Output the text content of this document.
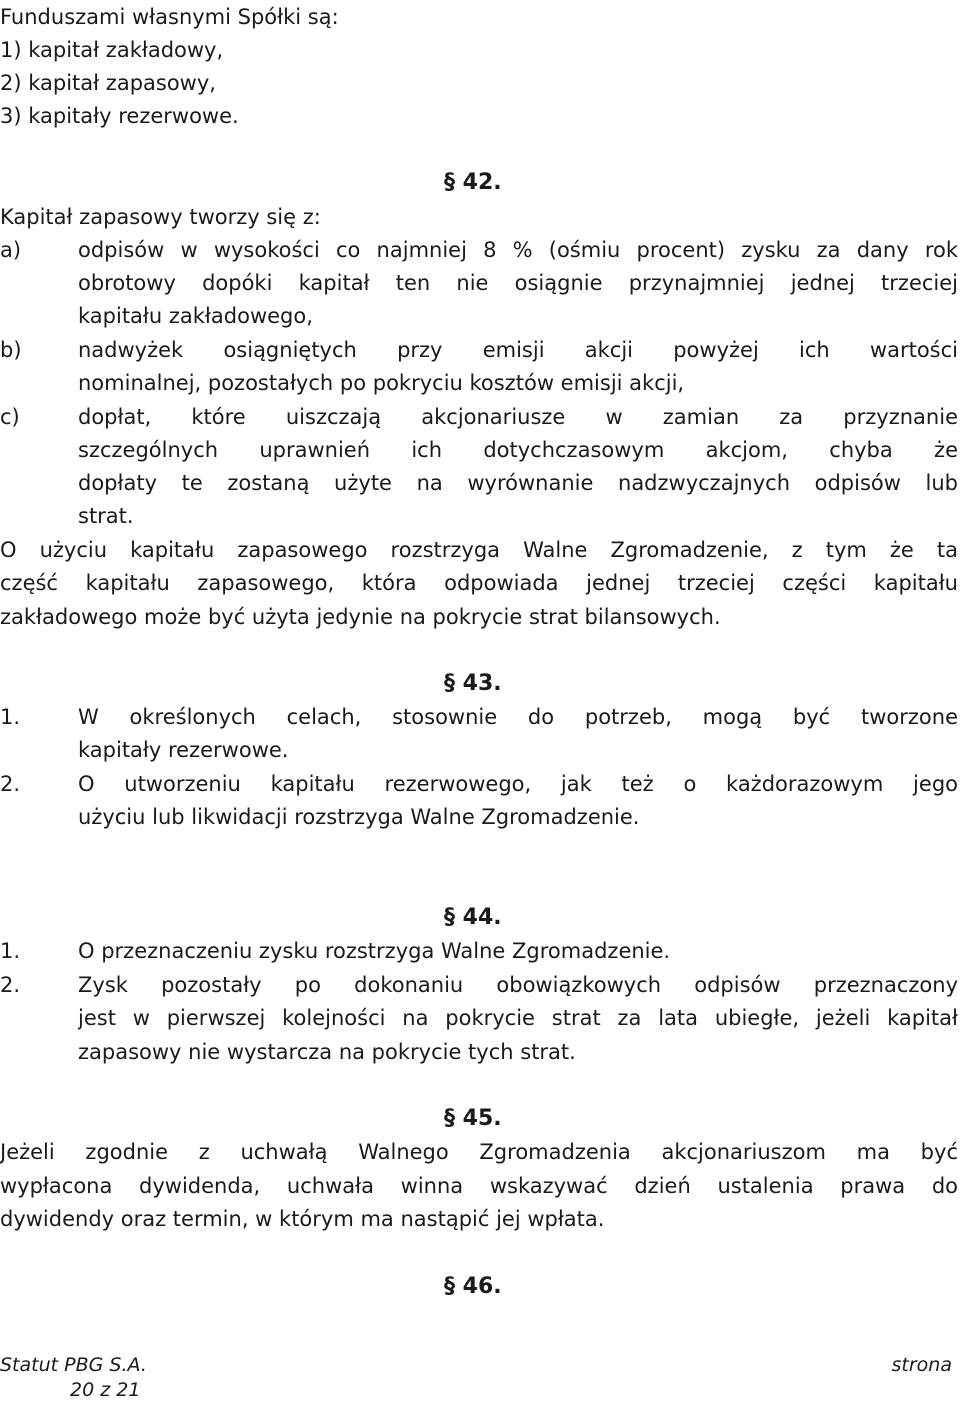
Funduszami własnymi Spółki są:
1) kapitał zakładowy,
2) kapitał zapasowy,
3) kapitały rezerwowe.
§ 42.
Kapitał zapasowy tworzy się z:
a)	odpisów w wysokości co najmniej 8 % (ośmiu procent) zysku za dany rok
obrotowy dopóki kapitał ten nie osiągnie przynajmniej jednej trzeciej
kapitału zakładowego,
b)	nadwyżek osiągniętych przy emisji akcji powyżej ich wartości
nominalnej, pozostałych po pokryciu kosztów emisji akcji,
c)	dopłat, które uiszczają akcjonariusze w zamian za przyznanie
szczególnych uprawnień ich dotychczasowym akcjom, chyba że
dopłaty te zostaną użyte na wyrównanie nadzwyczajnych odpisów lub
strat.
O użyciu kapitału zapasowego rozstrzyga Walne Zgromadzenie, z tym że ta
część kapitału zapasowego, która odpowiada jednej trzeciej części kapitału
zakładowego może być użyta jedynie na pokrycie strat bilansowych.
§ 43.
1.	W określonych celach, stosownie do potrzeb, mogą być tworzone
kapitały rezerwowe.
2.	O utworzeniu kapitału rezerwowego, jak też o każdorazowym jego
użyciu lub likwidacji rozstrzyga Walne Zgromadzenie.
§ 44.
1.	O przeznaczeniu zysku rozstrzyga Walne Zgromadzenie.
2.	Zysk pozostały po dokonaniu obowiązkowych odpisów przeznaczony
jest w pierwszej kolejności na pokrycie strat za lata ubiegłe, jeżeli kapitał
zapasowy nie wystarcza na pokrycie tych strat.
§ 45.
Jeżeli zgodnie z uchwałą Walnego Zgromadzenia akcjonariuszom ma być
wypłacona dywidenda, uchwała winna wskazywać dzień ustalenia prawa do
dywidendy oraz termin, w którym ma nastąpić jej wpłata.
§ 46.
Statut PBG S.A.
20 z 21
strona
